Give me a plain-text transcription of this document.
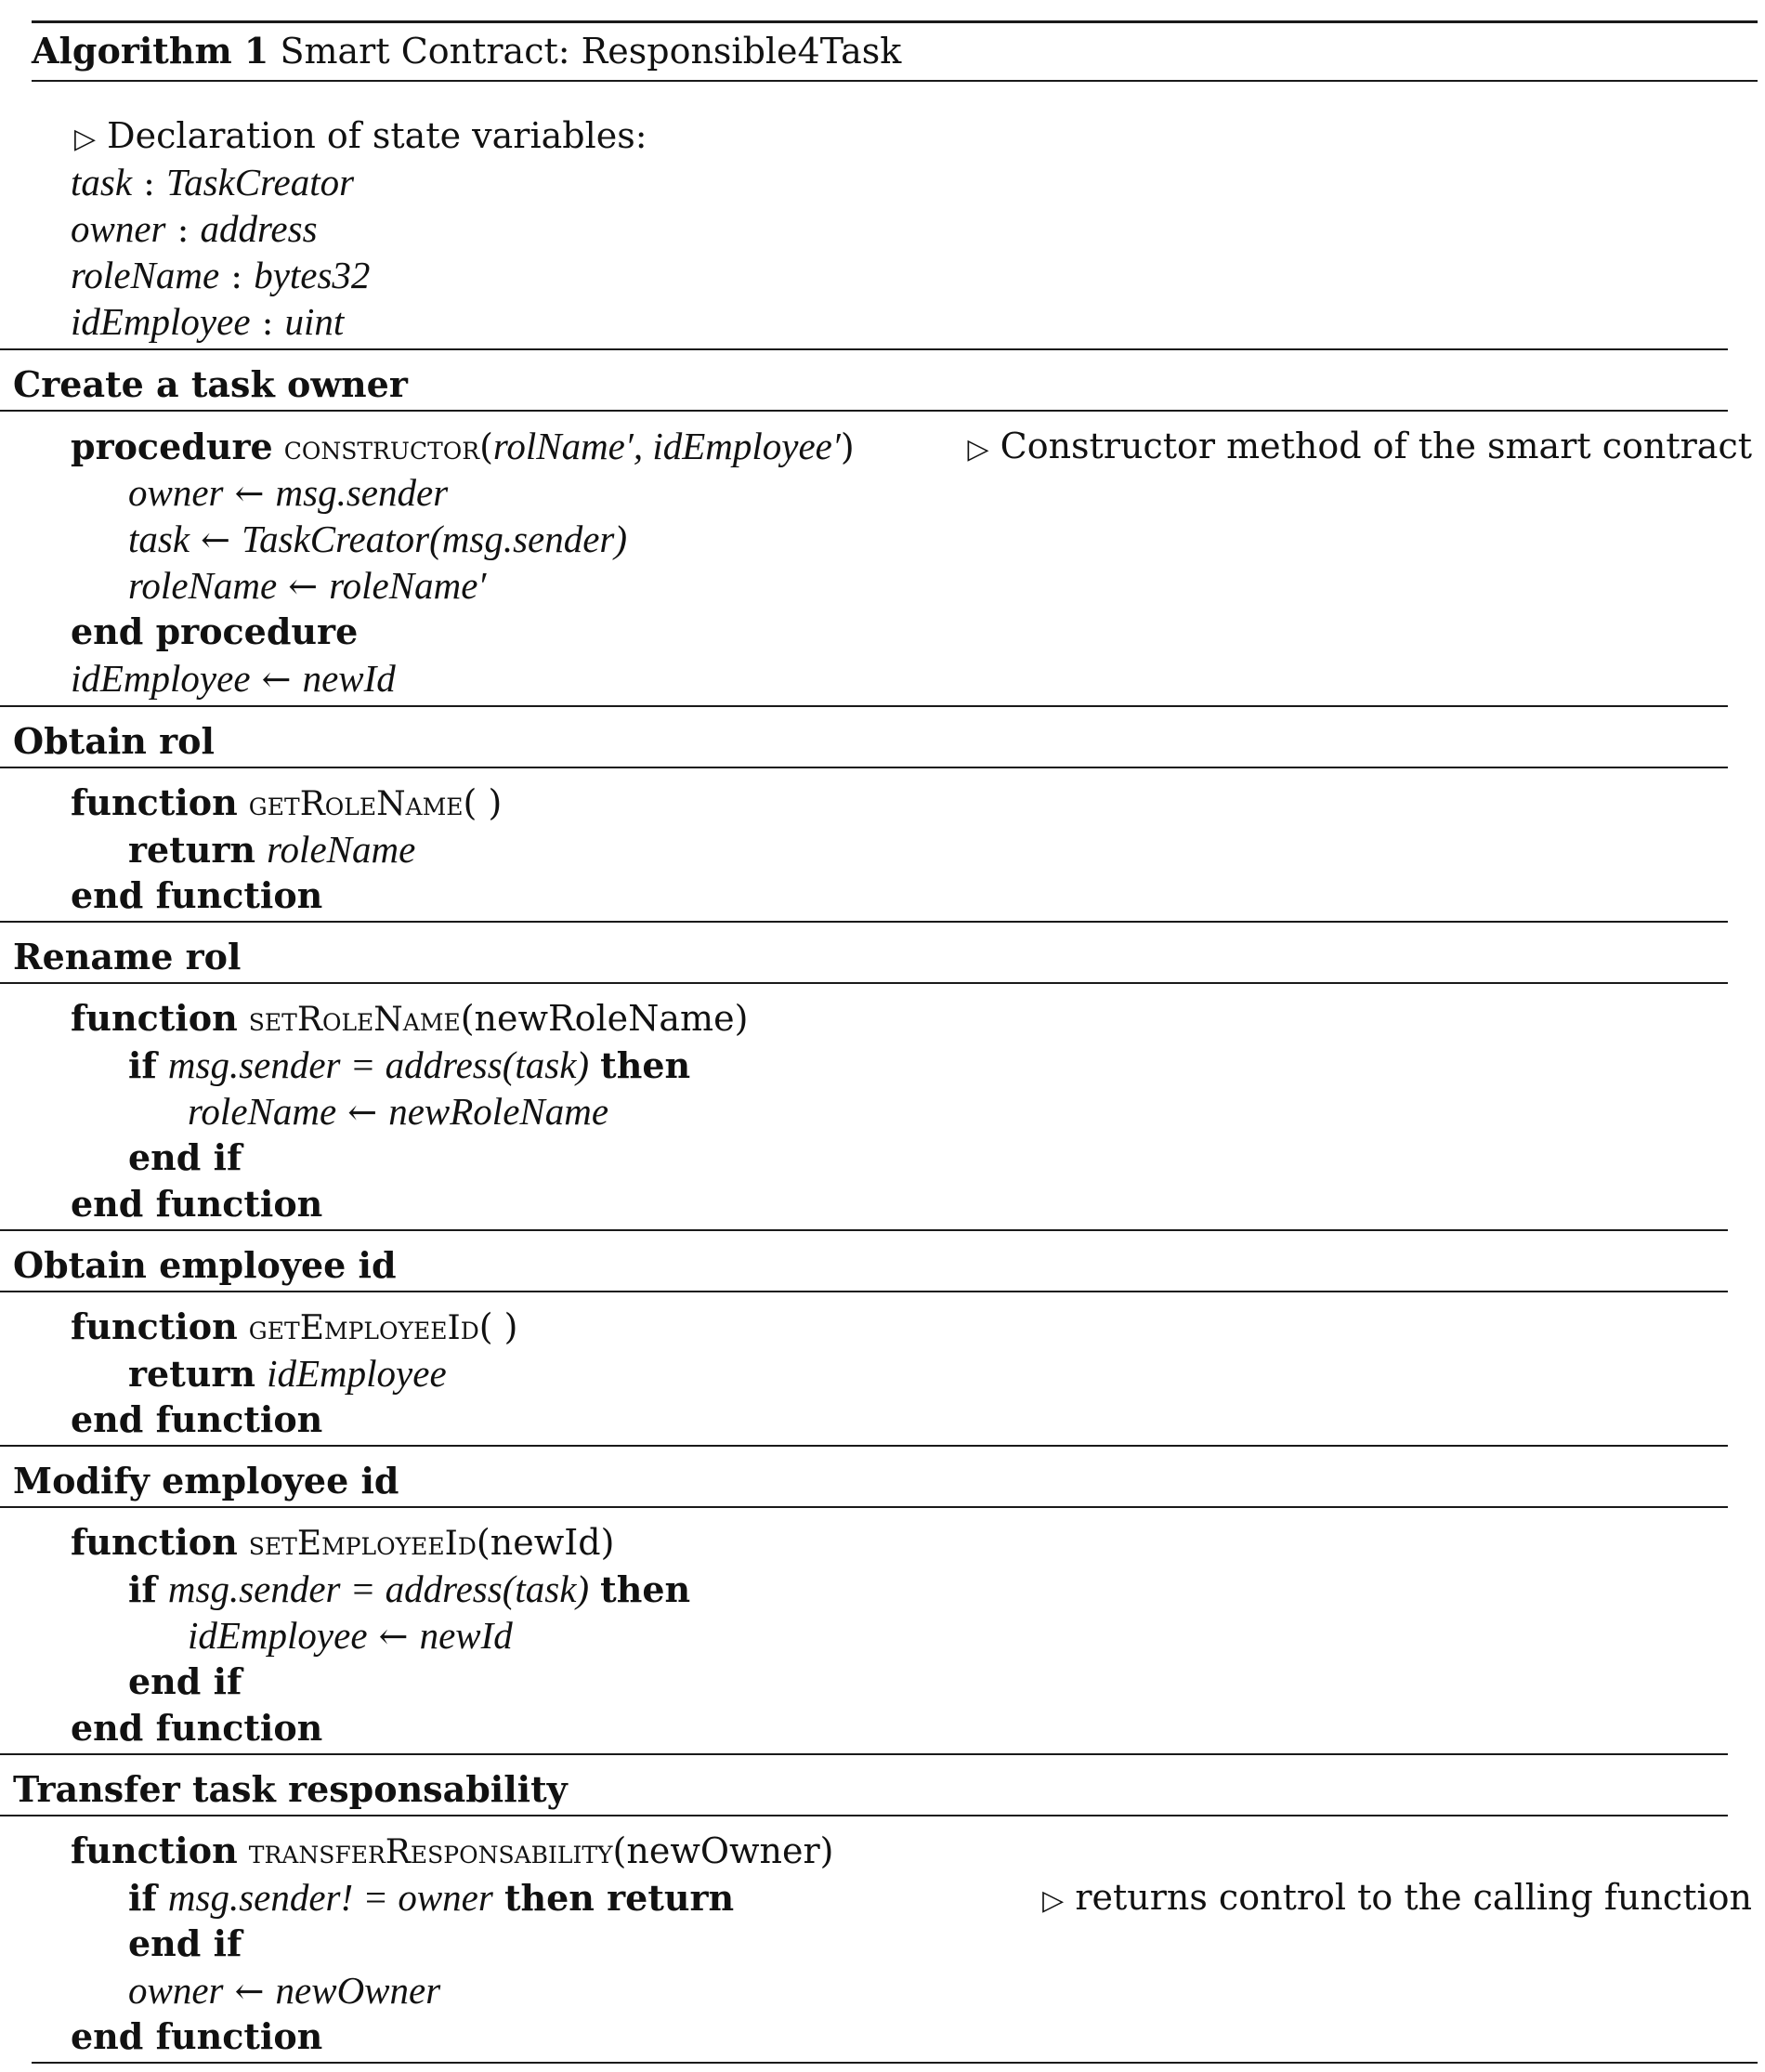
Algorithm 1 Smart Contract: Responsible4Task
▷ Declaration of state variables:
task : TaskCreator
owner : address
roleName : bytes32
idEmployee : uint
Create a task owner
procedure constructor(rolName′, idEmployee′)	▷ Constructor method of the smart contract
owner ← msg.sender
task ← TaskCreator(msg.sender)
roleName ← roleName′
end procedure
idEmployee ← newId
Obtain rol
function getRoleName( )
return roleName
end function
Rename rol
function setRoleName(newRoleName)
if msg.sender = address(task) then
roleName ← newRoleName
end if
end function
Obtain employee id
function getEmployeeId( )
return idEmployee
end function
Modify employee id
function setEmployeeId(newId)
if msg.sender = address(task) then
idEmployee ← newId
end if
end function
Transfer task responsability
function transferResponsability(newOwner)
if msg.sender! = owner then return	▷ returns control to the calling function
end if
owner ← newOwner
end function
